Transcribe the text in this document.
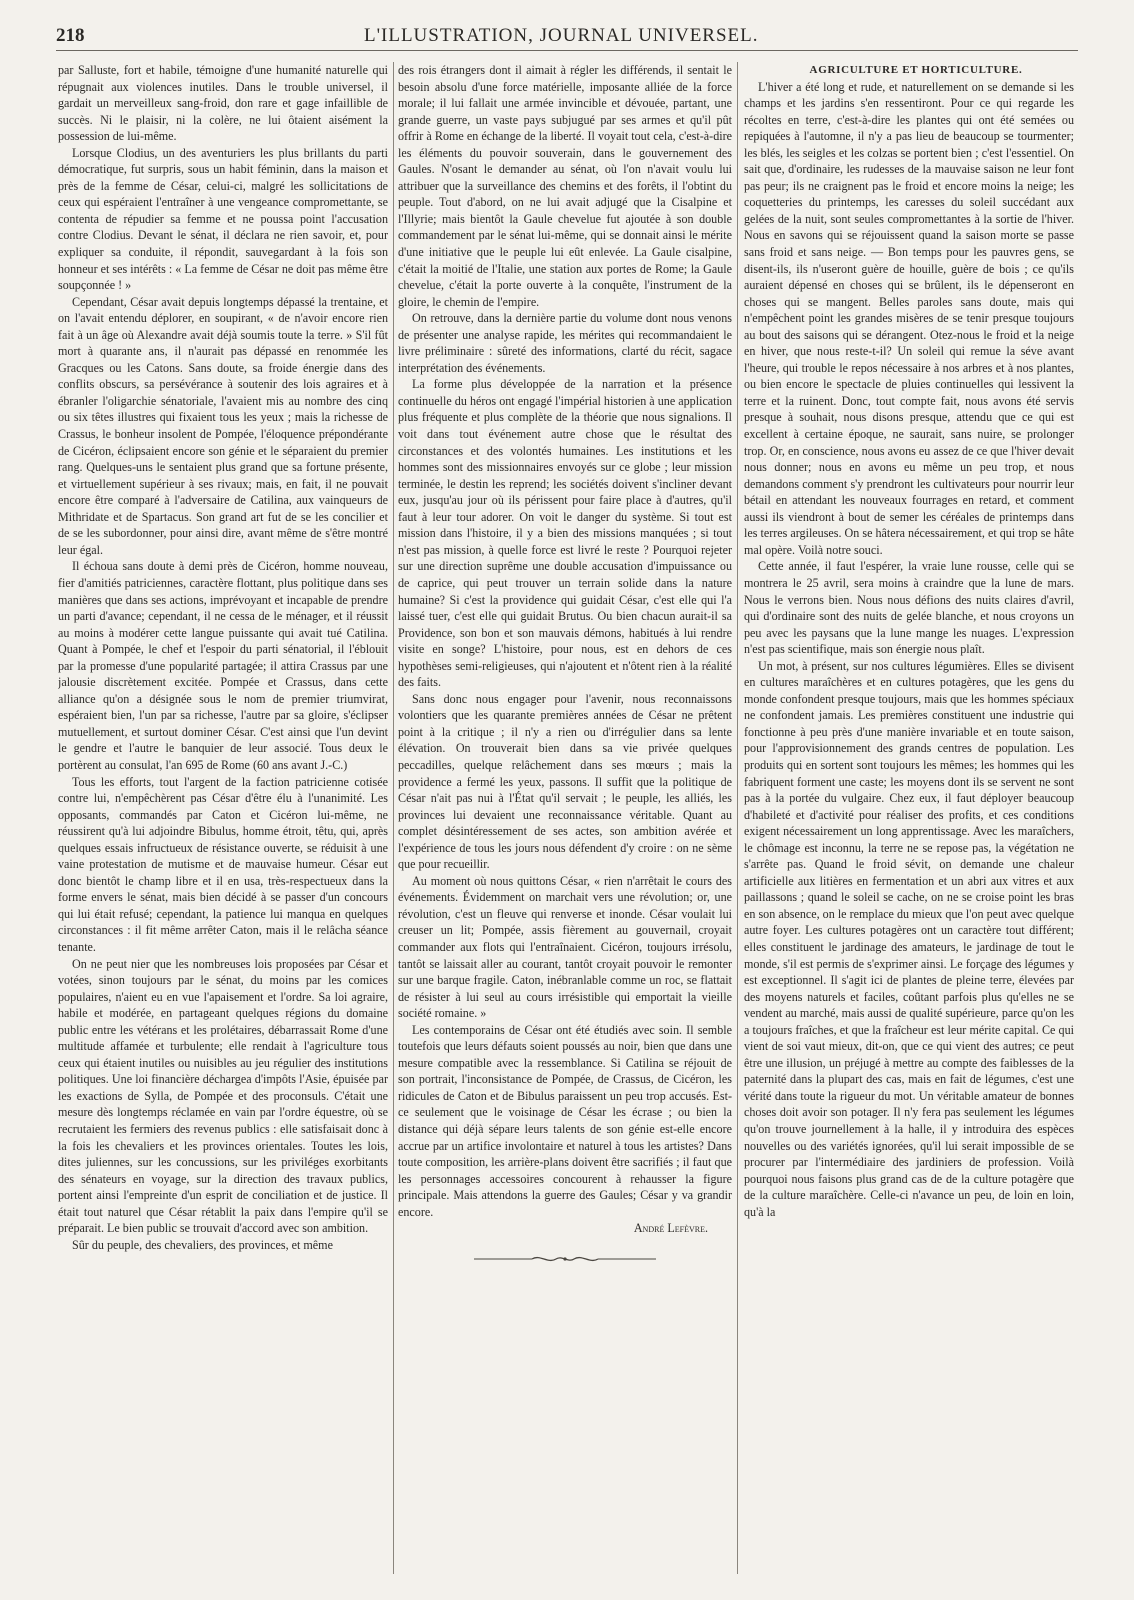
218	L'ILLUSTRATION, JOURNAL UNIVERSEL.

par Salluste, fort et habile, témoigne d'une humanité naturelle qui répugnait aux violences inutiles. Dans le trouble universel, il gardait un merveilleux sang-froid, don rare et gage infaillible de succès. Ni le plaisir, ni la colère, ne lui ôtaient aisément la possession de lui-même.

Lorsque Clodius, un des aventuriers les plus brillants du parti démocratique, fut surpris, sous un habit féminin, dans la maison et près de la femme de César, celui-ci, malgré les sollicitations de ceux qui espéraient l'entraîner à une vengeance compromettante, se contenta de répudier sa femme et ne poussa point l'accusation contre Clodius. Devant le sénat, il déclara ne rien savoir, et, pour expliquer sa conduite, il répondit, sauvegardant à la fois son honneur et ses intérêts : « La femme de César ne doit pas même être soupçonnée ! »

Cependant, César avait depuis longtemps dépassé la trentaine, et on l'avait entendu déplorer, en soupirant, « de n'avoir encore rien fait à un âge où Alexandre avait déjà soumis toute la terre. » S'il fût mort à quarante ans, il n'aurait pas dépassé en renommée les Gracques ou les Catons. Sans doute, sa froide énergie dans des conflits obscurs, sa persévérance à soutenir des lois agraires et à ébranler l'oligarchie sénatoriale, l'avaient mis au nombre des cinq ou six têtes illustres qui fixaient tous les yeux ; mais la richesse de Crassus, le bonheur insolent de Pompée, l'éloquence prépondérante de Cicéron, éclipsaient encore son génie et le séparaient du premier rang. Quelques-uns le sentaient plus grand que sa fortune présente, et virtuellement supérieur à ses rivaux; mais, en fait, il ne pouvait encore être comparé à l'adversaire de Catilina, aux vainqueurs de Mithridate et de Spartacus. Son grand art fut de se les concilier et de se les subordonner, pour ainsi dire, avant même de s'être montré leur égal.

Il échoua sans doute à demi près de Cicéron, homme nouveau, fier d'amitiés patriciennes, caractère flottant, plus politique dans ses manières que dans ses actions, imprévoyant et incapable de prendre un parti d'avance; cependant, il ne cessa de le ménager, et il réussit au moins à modérer cette langue puissante qui avait tué Catilina. Quant à Pompée, le chef et l'espoir du parti sénatorial, il l'éblouit par la promesse d'une popularité partagée; il attira Crassus par une jalousie discrètement excitée. Pompée et Crassus, dans cette alliance qu'on a désignée sous le nom de premier triumvirat, espéraient bien, l'un par sa richesse, l'autre par sa gloire, s'éclipser mutuellement, et surtout dominer César. C'est ainsi que l'un devint le gendre et l'autre le banquier de leur associé. Tous deux le portèrent au consulat, l'an 695 de Rome (60 ans avant J.-C.)

Tous les efforts, tout l'argent de la faction patricienne cotisée contre lui, n'empêchèrent pas César d'être élu à l'unanimité. Les opposants, commandés par Caton et Cicéron lui-même, ne réussirent qu'à lui adjoindre Bibulus, homme étroit, têtu, qui, après quelques essais infructueux de résistance ouverte, se réduisit à une vaine protestation de mutisme et de mauvaise humeur. César eut donc bientôt le champ libre et il en usa, très-respectueux dans la forme envers le sénat, mais bien décidé à se passer d'un concours qui lui était refusé; cependant, la patience lui manqua en quelques circonstances : il fit même arrêter Caton, mais il le relâcha séance tenante.

On ne peut nier que les nombreuses lois proposées par César et votées, sinon toujours par le sénat, du moins par les comices populaires, n'aient eu en vue l'apaisement et l'ordre. Sa loi agraire, habile et modérée, en partageant quelques régions du domaine public entre les vétérans et les prolétaires, débarrassait Rome d'une multitude affamée et turbulente; elle rendait à l'agriculture tous ceux qui étaient inutiles ou nuisibles au jeu régulier des institutions politiques. Une loi financière déchargea d'impôts l'Asie, épuisée par les exactions de Sylla, de Pompée et des proconsuls. C'était une mesure dès longtemps réclamée en vain par l'ordre équestre, où se recrutaient les fermiers des revenus publics : elle satisfaisait donc à la fois les chevaliers et les provinces orientales. Toutes les lois, dites juliennes, sur les concussions, sur les priviléges exorbitants des sénateurs en voyage, sur la direction des travaux publics, portent ainsi l'empreinte d'un esprit de conciliation et de justice. Il était tout naturel que César rétablit la paix dans l'empire qu'il se préparait. Le bien public se trouvait d'accord avec son ambition.

Sûr du peuple, des chevaliers, des provinces, et même

des rois étrangers dont il aimait à régler les différends, il sentait le besoin absolu d'une force matérielle, imposante alliée de la force morale; il lui fallait une armée invincible et dévouée, partant, une grande guerre, un vaste pays subjugué par ses armes et qu'il pût offrir à Rome en échange de la liberté. Il voyait tout cela, c'est-à-dire les éléments du pouvoir souverain, dans le gouvernement des Gaules. N'osant le demander au sénat, où l'on n'avait voulu lui attribuer que la surveillance des chemins et des forêts, il l'obtint du peuple. Tout d'abord, on ne lui avait adjugé que la Cisalpine et l'Illyrie; mais bientôt la Gaule chevelue fut ajoutée à son double commandement par le sénat lui-même, qui se donnait ainsi le mérite d'une initiative que le peuple lui eût enlevée. La Gaule cisalpine, c'était la moitié de l'Italie, une station aux portes de Rome; la Gaule chevelue, c'était la porte ouverte à la conquête, l'instrument de la gloire, le chemin de l'empire.

On retrouve, dans la dernière partie du volume dont nous venons de présenter une analyse rapide, les mérites qui recommandaient le livre préliminaire : sûreté des informations, clarté du récit, sagace interprétation des événements.

La forme plus développée de la narration et la présence continuelle du héros ont engagé l'impérial historien à une application plus fréquente et plus complète de la théorie que nous signalions. Il voit dans tout événement autre chose que le résultat des circonstances et des volontés humaines. Les institutions et les hommes sont des missionnaires envoyés sur ce globe ; leur mission terminée, le destin les reprend; les sociétés doivent s'incliner devant eux, jusqu'au jour où ils périssent pour faire place à d'autres, qu'il faut à leur tour adorer. On voit le danger du système. Si tout est mission dans l'histoire, il y a bien des missions manquées ; si tout n'est pas mission, à quelle force est livré le reste ? Pourquoi rejeter sur une direction suprême une double accusation d'impuissance ou de caprice, qui peut trouver un terrain solide dans la nature humaine? Si c'est la providence qui guidait César, c'est elle qui l'a laissé tuer, c'est elle qui guidait Brutus. Ou bien chacun aurait-il sa Providence, son bon et son mauvais démons, habitués à lui rendre visite en songe? L'histoire, pour nous, est en dehors de ces hypothèses semi-religieuses, qui n'ajoutent et n'ôtent rien à la réalité des faits.

Sans donc nous engager pour l'avenir, nous reconnaissons volontiers que les quarante premières années de César ne prêtent point à la critique ; il n'y a rien ou d'irrégulier dans sa lente élévation. On trouverait bien dans sa vie privée quelques peccadilles, quelque relâchement dans ses mœurs ; mais la providence a fermé les yeux, passons. Il suffit que la politique de César n'ait pas nui à l'État qu'il servait ; le peuple, les alliés, les provinces lui devaient une reconnaissance véritable. Quant au complet désintéressement de ses actes, son ambition avérée et l'expérience de tous les jours nous défendent d'y croire : on ne sème que pour recueillir.

Au moment où nous quittons César, « rien n'arrêtait le cours des événements. Évidemment on marchait vers une révolution; or, une révolution, c'est un fleuve qui renverse et inonde. César voulait lui creuser un lit; Pompée, assis fièrement au gouvernail, croyait commander aux flots qui l'entraînaient. Cicéron, toujours irrésolu, tantôt se laissait aller au courant, tantôt croyait pouvoir le remonter sur une barque fragile. Caton, inébranlable comme un roc, se flattait de résister à lui seul au cours irrésistible qui emportait la vieille société romaine. »

Les contemporains de César ont été étudiés avec soin. Il semble toutefois que leurs défauts soient poussés au noir, bien que dans une mesure compatible avec la ressemblance. Si Catilina se réjouit de son portrait, l'inconsistance de Pompée, de Crassus, de Cicéron, les ridicules de Caton et de Bibulus paraissent un peu trop accusés. Est-ce seulement que le voisinage de César les écrase ; ou bien la distance qui déjà sépare leurs talents de son génie est-elle encore accrue par un artifice involontaire et naturel à tous les artistes? Dans toute composition, les arrière-plans doivent être sacrifiés ; il faut que les personnages accessoires concourent à rehausser la figure principale. Mais attendons la guerre des Gaules; César y va grandir encore.

André Lefèvre.

AGRICULTURE ET HORTICULTURE.

L'hiver a été long et rude, et naturellement on se demande si les champs et les jardins s'en ressentiront. Pour ce qui regarde les récoltes en terre, c'est-à-dire les plantes qui ont été semées ou repiquées à l'automne, il n'y a pas lieu de beaucoup se tourmenter; les blés, les seigles et les colzas se portent bien ; c'est l'essentiel. On sait que, d'ordinaire, les rudesses de la mauvaise saison ne leur font pas peur; ils ne craignent pas le froid et encore moins la neige; les coquetteries du printemps, les caresses du soleil succédant aux gelées de la nuit, sont seules compromettantes à la sortie de l'hiver. Nous en savons qui se réjouissent quand la saison morte se passe sans froid et sans neige. — Bon temps pour les pauvres gens, se disent-ils, ils n'useront guère de houille, guère de bois ; ce qu'ils auraient dépensé en choses qui se brûlent, ils le dépenseront en choses qui se mangent. Belles paroles sans doute, mais qui n'empêchent point les grandes misères de se tenir presque toujours au bout des saisons qui se dérangent. Otez-nous le froid et la neige en hiver, que nous reste-t-il? Un soleil qui remue la séve avant l'heure, qui trouble le repos nécessaire à nos arbres et à nos plantes, ou bien encore le spectacle de pluies continuelles qui lessivent la terre et la ruinent. Donc, tout compte fait, nous avons été servis presque à souhait, nous disons presque, attendu que ce qui est excellent à certaine époque, ne saurait, sans nuire, se prolonger trop. Or, en conscience, nous avons eu assez de ce que l'hiver devait nous donner; nous en avons eu même un peu trop, et nous demandons comment s'y prendront les cultivateurs pour nourrir leur bétail en attendant les nouveaux fourrages en retard, et comment aussi ils viendront à bout de semer les céréales de printemps dans les terres argileuses. On se hâtera nécessairement, et qui trop se hâte mal opère. Voilà notre souci.

Cette année, il faut l'espérer, la vraie lune rousse, celle qui se montrera le 25 avril, sera moins à craindre que la lune de mars. Nous le verrons bien. Nous nous défions des nuits claires d'avril, qui d'ordinaire sont des nuits de gelée blanche, et nous croyons un peu avec les paysans que la lune mange les nuages. L'expression n'est pas scientifique, mais son énergie nous plaît.

Un mot, à présent, sur nos cultures légumières. Elles se divisent en cultures maraîchères et en cultures potagères, que les gens du monde confondent presque toujours, mais que les hommes spéciaux ne confondent jamais. Les premières constituent une industrie qui fonctionne à peu près d'une manière invariable et en toute saison, pour l'approvisionnement des grands centres de population. Les produits qui en sortent sont toujours les mêmes; les hommes qui les fabriquent forment une caste; les moyens dont ils se servent ne sont pas à la portée du vulgaire. Chez eux, il faut déployer beaucoup d'habileté et d'activité pour réaliser des profits, et ces conditions exigent nécessairement un long apprentissage. Avec les maraîchers, le chômage est inconnu, la terre ne se repose pas, la végétation ne s'arrête pas. Quand le froid sévit, on demande une chaleur artificielle aux litières en fermentation et un abri aux vitres et aux paillassons ; quand le soleil se cache, on ne se croise point les bras en son absence, on le remplace du mieux que l'on peut avec quelque autre foyer. Les cultures potagères ont un caractère tout différent; elles constituent le jardinage des amateurs, le jardinage de tout le monde, s'il est permis de s'exprimer ainsi. Le forçage des légumes y est exceptionnel. Il s'agit ici de plantes de pleine terre, élevées par des moyens naturels et faciles, coûtant parfois plus qu'elles ne se vendent au marché, mais aussi de qualité supérieure, parce qu'on les a toujours fraîches, et que la fraîcheur est leur mérite capital. Ce qui vient de soi vaut mieux, dit-on, que ce qui vient des autres; ce peut être une illusion, un préjugé à mettre au compte des faiblesses de la paternité dans la plupart des cas, mais en fait de légumes, c'est une vérité dans toute la rigueur du mot. Un véritable amateur de bonnes choses doit avoir son potager. Il n'y fera pas seulement les légumes qu'on trouve journellement à la halle, il y introduira des espèces nouvelles ou des variétés ignorées, qu'il lui serait impossible de se procurer par l'intermédiaire des jardiniers de profession. Voilà pourquoi nous faisons plus grand cas de de la culture potagère que de la culture maraîchère. Celle-ci n'avance un peu, de loin en loin, qu'à la
